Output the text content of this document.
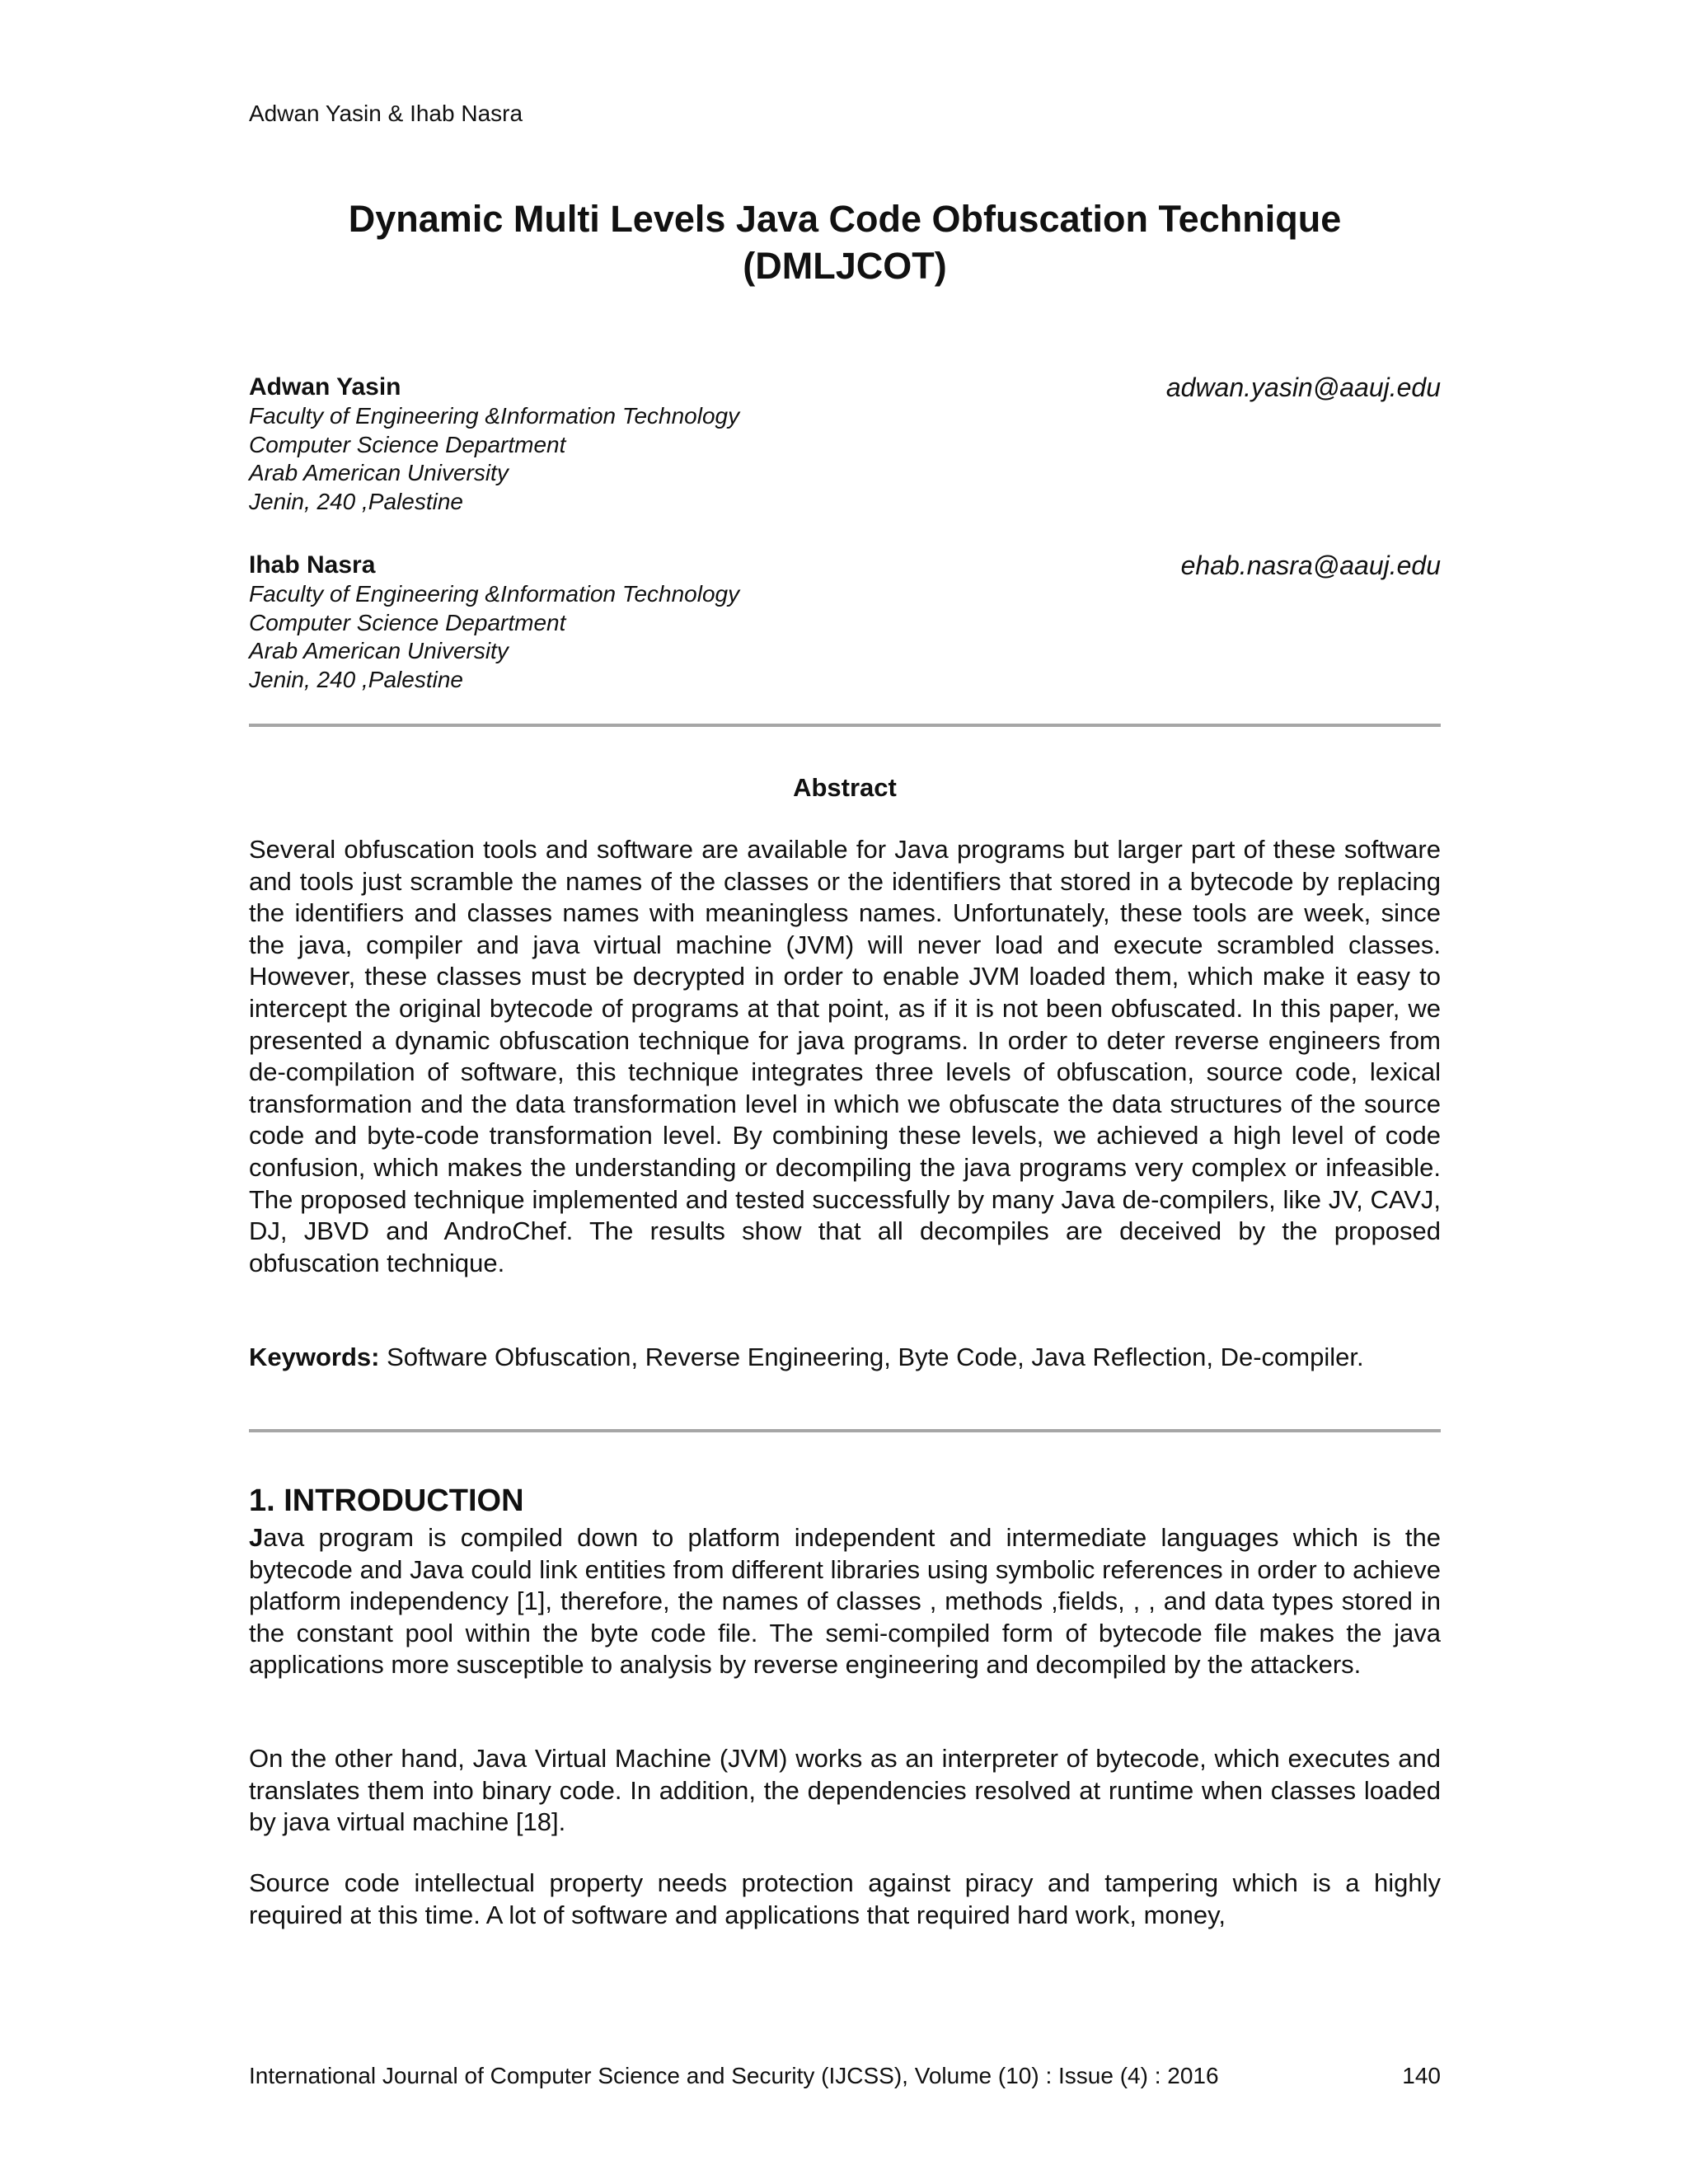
Adwan Yasin & Ihab Nasra
Dynamic Multi Levels Java Code Obfuscation Technique
(DMLJCOT)
Adwan Yasin	adwan.yasin@aauj.edu
Faculty of Engineering &Information Technology
Computer Science Department
Arab American University
Jenin, 240 ,Palestine
Ihab Nasra	ehab.nasra@aauj.edu
Faculty of Engineering &Information Technology
Computer Science Department
Arab American University
Jenin, 240 ,Palestine
Abstract

Several obfuscation tools and software are available for Java programs but larger part of these software and tools just scramble the names of the classes or the identifiers that stored in a bytecode by replacing the identifiers and classes names with meaningless names. Unfortunately, these tools are week, since the java, compiler and java virtual machine (JVM) will never load and execute scrambled classes. However, these classes must be decrypted in order to enable JVM loaded them, which make it easy to intercept the original bytecode of programs at that point, as if it is not been obfuscated. In this paper, we presented a dynamic obfuscation technique for java programs. In order to deter reverse engineers from de-compilation of software, this technique integrates three levels of obfuscation, source code, lexical transformation and the data transformation level in which we obfuscate the data structures of the source code and byte-code transformation level. By combining these levels, we achieved a high level of code confusion, which makes the understanding or decompiling the java programs very complex or infeasible. The proposed technique implemented and tested successfully by many Java de-compilers, like JV, CAVJ, DJ, JBVD and AndroChef. The results show that all decompiles are deceived by the proposed obfuscation technique.

Keywords: Software Obfuscation, Reverse Engineering, Byte Code, Java Reflection, De-compiler.

1. INTRODUCTION

Java program is compiled down to platform independent and intermediate languages which is the bytecode and Java could link entities from different libraries using symbolic references in order to achieve platform independency [1], therefore, the names of classes , methods ,fields, , , and data types stored in the constant pool within the byte code file. The semi-compiled form of bytecode file makes the java applications more susceptible to analysis by reverse engineering and decompiled by the attackers.

On the other hand, Java Virtual Machine (JVM) works as an interpreter of bytecode, which executes and translates them into binary code. In addition, the dependencies resolved at runtime when classes loaded by java virtual machine [18].

Source code intellectual property needs protection against piracy and tampering which is a highly required at this time. A lot of software and applications that required hard work, money,

International Journal of Computer Science and Security (IJCSS), Volume (10) : Issue (4) : 2016	140
